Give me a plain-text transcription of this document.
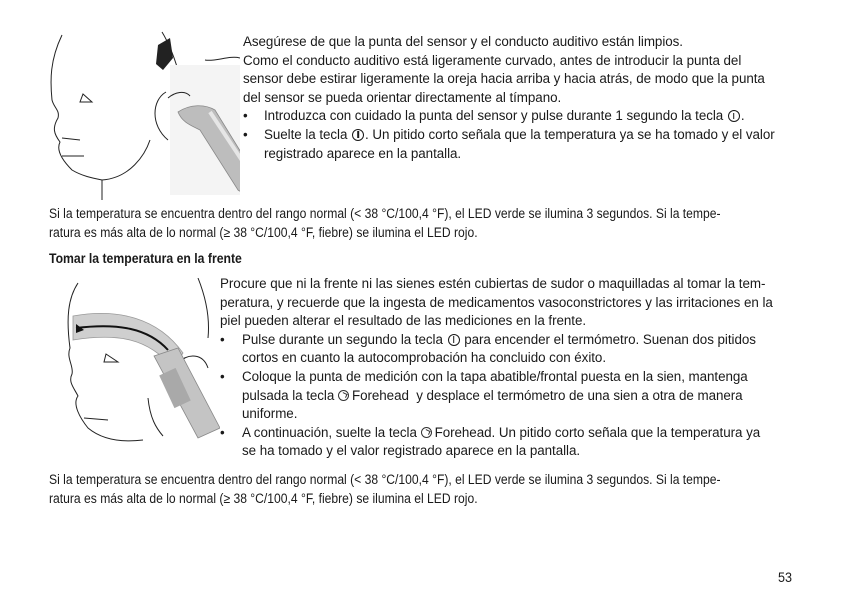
Asegúrese de que la punta del sensor y el conducto auditivo están limpios.
Como el conducto auditivo está ligeramente curvado, antes de introducir la punta del
sensor debe estirar ligeramente la oreja hacia arriba y hacia atrás, de modo que la punta
del sensor se pueda orientar directamente al tímpano.
• Introduzca con cuidado la punta del sensor y pulse durante 1 segundo la tecla .
• Suelte la tecla . Un pitido corto señala que la temperatura ya se ha tomado y el valor
registrado aparece en la pantalla.
Si la temperatura se encuentra dentro del rango normal (< 38 °C/100,4 °F), el LED verde se ilumina 3 segundos. Si la tempe-
ratura es más alta de lo normal (≥ 38 °C/100,4 °F, fiebre) se ilumina el LED rojo.
Tomar la temperatura en la frente
Procure que ni la frente ni las sienes estén cubiertas de sudor o maquilladas al tomar la tem-
peratura, y recuerde que la ingesta de medicamentos vasoconstrictores y las irritaciones en la
piel pueden alterar el resultado de las mediciones en la frente.
• Pulse durante un segundo la tecla  para encender el termómetro. Suenan dos pitidos
cortos en cuanto la autocomprobación ha concluido con éxito.
• Coloque la punta de medición con la tapa abatible/frontal puesta en la sien, mantenga
pulsada la tecla Forehead  y desplace el termómetro de una sien a otra de manera
uniforme.
• A continuación, suelte la tecla Forehead. Un pitido corto señala que la temperatura ya
se ha tomado y el valor registrado aparece en la pantalla.
Si la temperatura se encuentra dentro del rango normal (< 38 °C/100,4 °F), el LED verde se ilumina 3 segundos. Si la tempe-
ratura es más alta de lo normal (≥ 38 °C/100,4 °F, fiebre) se ilumina el LED rojo.
53
